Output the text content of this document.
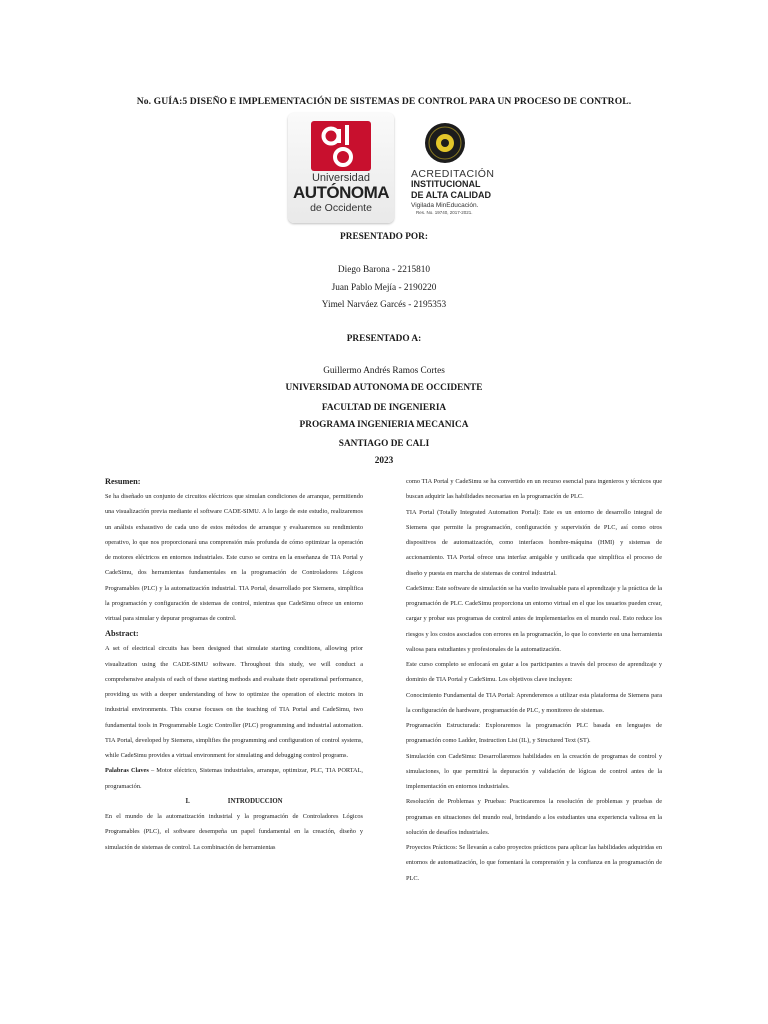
No. GUÍA:5 DISEÑO E IMPLEMENTACIÓN DE SISTEMAS DE CONTROL PARA UN PROCESO DE CONTROL.
Universidad
AUTÓNOMA
de Occidente
ACREDITACIÓN
INSTITUCIONAL
DE ALTA CALIDAD
Vigilada MinEducación.
Res. No. 19740, 2017-2021.
PRESENTADO POR:
Diego Barona - 2215810
Juan Pablo Mejía - 2190220
Yimel Narváez Garcés - 2195353
PRESENTADO A:
Guillermo Andrés Ramos Cortes
UNIVERSIDAD AUTONOMA DE OCCIDENTE
FACULTAD DE INGENIERIA
PROGRAMA INGENIERIA MECANICA
SANTIAGO DE CALI
2023
Resumen:

Se ha diseñado un conjunto de circuitos eléctricos que simulan condiciones de arranque, permitiendo una visualización previa mediante el software CADE-SIMU. A lo largo de este estudio, realizaremos un análisis exhaustivo de cada uno de estos métodos de arranque y evaluaremos su rendimiento operativo, lo que nos proporcionará una comprensión más profunda de cómo optimizar la operación de motores eléctricos en entornos industriales. Este curso se centra en la enseñanza de TIA Portal y CadeSimu, dos herramientas fundamentales en la programación de Controladores Lógicos Programables (PLC) y la automatización industrial. TIA Portal, desarrollado por Siemens, simplifica la programación y configuración de sistemas de control, mientras que CadeSimu ofrece un entorno virtual para simular y depurar programas de control.

Abstract:

A set of electrical circuits has been designed that simulate starting conditions, allowing prior visualization using the CADE-SIMU software. Throughout this study, we will conduct a comprehensive analysis of each of these starting methods and evaluate their operational performance, providing us with a deeper understanding of how to optimize the operation of electric motors in industrial environments. This course focuses on the teaching of TIA Portal and CadeSimu, two fundamental tools in Programmable Logic Controller (PLC) programming and industrial automation. TIA Portal, developed by Siemens, simplifies the programming and configuration of control systems, while CadeSimu provides a virtual environment for simulating and debugging control programs.

Palabras Claves – Motor eléctrico, Sistemas industriales, arranque, optimizar, PLC, TIA PORTAL, programación.

I.	INTRODUCCION

En el mundo de la automatización industrial y la programación de Controladores Lógicos Programables (PLC), el software desempeña un papel fundamental en la creación, diseño y simulación de sistemas de control. La combinación de herramientas

como TIA Portal y CadeSimu se ha convertido en un recurso esencial para ingenieros y técnicos que buscan adquirir las habilidades necesarias en la programación de PLC.

TIA Portal (Totally Integrated Automation Portal): Este es un entorno de desarrollo integral de Siemens que permite la programación, configuración y supervisión de PLC, así como otros dispositivos de automatización, como interfaces hombre-máquina (HMI) y sistemas de accionamiento. TIA Portal ofrece una interfaz amigable y unificada que simplifica el proceso de diseño y puesta en marcha de sistemas de control industrial.

CadeSimu: Este software de simulación se ha vuelto invaluable para el aprendizaje y la práctica de la programación de PLC. CadeSimu proporciona un entorno virtual en el que los usuarios pueden crear, cargar y probar sus programas de control antes de implementarlos en el mundo real. Esto reduce los riesgos y los costos asociados con errores en la programación, lo que lo convierte en una herramienta valiosa para estudiantes y profesionales de la automatización.

Este curso completo se enfocará en guiar a los participantes a través del proceso de aprendizaje y dominio de TIA Portal y CadeSimu. Los objetivos clave incluyen:

Conocimiento Fundamental de TIA Portal: Aprenderemos a utilizar esta plataforma de Siemens para la configuración de hardware, programación de PLC, y monitoreo de sistemas.

Programación Estructurada: Exploraremos la programación PLC basada en lenguajes de programación como Ladder, Instruction List (IL), y Structured Text (ST).

Simulación con CadeSimu: Desarrollaremos habilidades en la creación de programas de control y simulaciones, lo que permitirá la depuración y validación de lógicas de control antes de la implementación en entornos industriales.

Resolución de Problemas y Pruebas: Practicaremos la resolución de problemas y pruebas de programas en situaciones del mundo real, brindando a los estudiantes una experiencia valiosa en la solución de desafíos industriales.

Proyectos Prácticos: Se llevarán a cabo proyectos prácticos para aplicar las habilidades adquiridas en entornos de automatización, lo que fomentará la comprensión y la confianza en la programación de PLC.
